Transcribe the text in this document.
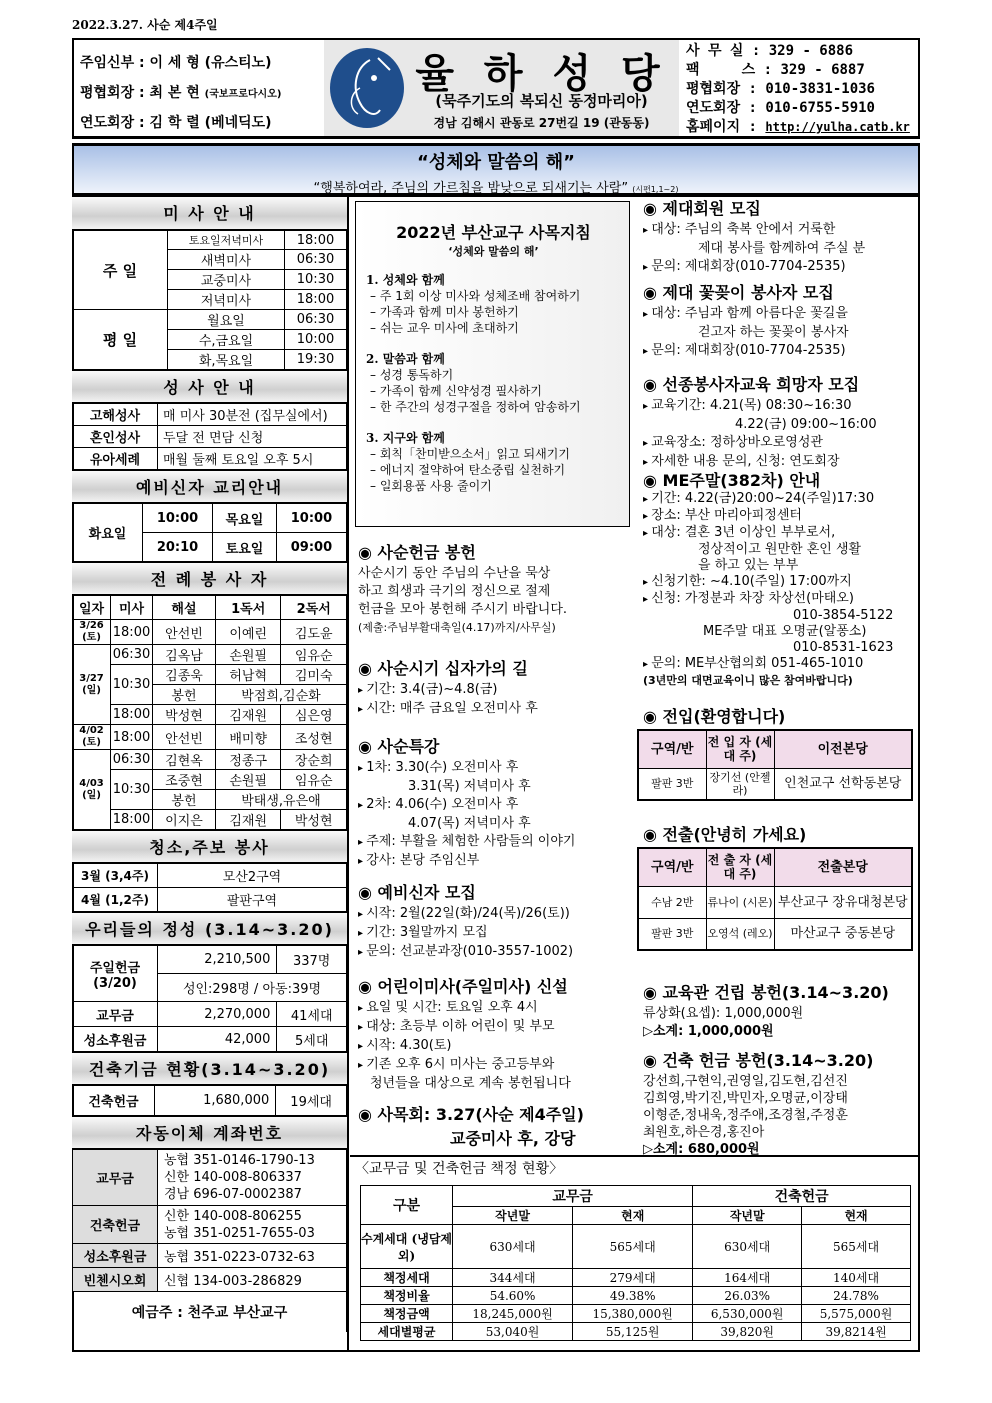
2022.3.27. 사순 제4주일
주임신부 : 이 세 형 (유스티노)
평협회장 : 최 본 현 (국보프로다시오)
연도회장 : 김 학 렬 (베네딕도)
율 하 성 당
(묵주기도의 복되신 동정마리아)
경남 김해시 관동로 27번길 19 (관동동)
사 무 실 : 329 - 6886
팩     스 : 329 - 6887
평협회장 : 010-3831-1036
연도회장 : 010-6755-5910
홈페이지 : http://yulha.catb.kr
“성체와 말씀의 해”
“행복하여라, 주님의 가르침을 밤낮으로 되새기는 사람” (시편1,1~2)
미 사 안 내
주 일	토요일저녁미사	18:00
	새벽미사	06:30
	교중미사	10:30
	저녁미사	18:00
평 일	월요일	06:30
	수,금요일	10:00
	화,목요일	19:30
성 사 안 내
고해성사	매 미사 30분전 (집무실에서)
혼인성사	두달 전 면담 신청
유아세례	매월 둘째 토요일 오후 5시
예비신자 교리안내
화요일	10:00	목요일	10:00
	20:10	토요일	09:00
전 례 봉 사 자
일자	미사	해설	1독서	2독서
3/26 (토)	18:00	안선빈	이예린	김도윤
3/27 (일)	06:30	김옥남	손원필	임유순
	10:30	김종욱	허남혁	김미숙
		봉헌	박점희,김순화	
	18:00	박성현	김재원	심은영
4/02 (토)	18:00	안선빈	배미향	조성현
4/03 (일)	06:30	김현옥	정종구	장순희
	10:30	조중현	손원필	임유순
		봉헌	박태생,유은애	
	18:00	이지은	김재원	박성현
청소,주보 봉사
3월 (3,4주)	모산2구역
4월 (1,2주)	팔판구역
우리들의 정성 (3.14~3.20)
주일헌금
(3/20)	2,210,500	337명
	성인:298명 / 아동:39명	
교무금	2,270,000	41세대
성소후원금	42,000	5세대
건축기금 현황(3.14~3.20)
건축헌금	1,680,000	19세대
자동이체 계좌번호
교무금	농협 351-0146-1790-13
신한 140-008-806337
경남 696-07-0002387

건축헌금	신한 140-008-806255
농협 351-0251-7655-03

성소후원금	농협 351-0223-0732-63
빈첸시오회	신협 134-003-286829
예금주 : 천주교 부산교구	
2022년 부산교구 사목지침
‘성체와 말씀의 해’
1. 성체와 함께
– 주 1회 이상 미사와 성체조배 참여하기
– 가족과 함께 미사 봉헌하기
– 쉬는 교우 미사에 초대하기
2. 말씀과 함께
– 성경 통독하기
– 가족이 함께 신약성경 필사하기
– 한 주간의 성경구절을 정하여 암송하기
3. 지구와 함께
– 회칙「찬미받으소서」읽고 되새기기
– 에너지 절약하여 탄소중립 실천하기
– 일회용품 사용 줄이기
◉ 사순헌금 봉헌
사순시기 동안 주님의 수난을 묵상
하고 희생과 극기의 정신으로 절제
헌금을 모아 봉헌해 주시기 바랍니다.
(제출:주님부활대축일(4.17)까지/사무실)
◉ 사순시기 십자가의 길
▸ 기간: 3.4(금)~4.8(금)
▸ 시간: 매주 금요일 오전미사 후
◉ 사순특강
▸ 1차: 3.30(수) 오전미사 후
3.31(목) 저녁미사 후
▸ 2차: 4.06(수) 오전미사 후
4.07(목) 저녁미사 후
▸ 주제: 부활을 체험한 사람들의 이야기
▸ 강사: 본당 주임신부
◉ 예비신자 모집
▸ 시작: 2월(22일(화)/24(목)/26(토))
▸ 기간: 3월말까지 모집
▸ 문의: 선교분과장(010-3557-1002)
◉ 어린이미사(주일미사) 신설
▸ 요일 및 시간: 토요일 오후 4시
▸ 대상: 초등부 이하 어린이 및 부모
▸ 시작: 4.30(토)
▸ 기존 오후 6시 미사는 중고등부와
청년들을 대상으로 계속 봉헌됩니다
◉ 사목회: 3.27(사순 제4주일)
교중미사 후, 강당
◉ 제대회원 모집
▸ 대상: 주님의 축복 안에서 거룩한
제대 봉사를 함께하여 주실 분
▸ 문의: 제대회장(010-7704-2535)
◉ 제대 꽃꽂이 봉사자 모집
▸ 대상: 주님과 함께 아름다운 꽃길을
걷고자 하는 꽃꽂이 봉사자
▸ 문의: 제대회장(010-7704-2535)
◉ 선종봉사자교육 희망자 모집
▸ 교육기간: 4.21(목) 08:30~16:30
4.22(금) 09:00~16:00
▸ 교육장소: 정하상바오로영성관
▸ 자세한 내용 문의, 신청: 연도회장
◉ ME주말(382차) 안내
▸ 기간: 4.22(금)20:00~24(주일)17:30
▸ 장소: 부산 마리아피정센터
▸ 대상: 결혼 3년 이상인 부부로서,
정상적이고 원만한 혼인 생활
을 하고 있는 부부
▸ 신청기한: ~4.10(주일) 17:00까지
▸ 신청: 가정분과 차장 차상선(마태오)
010-3854-5122
ME주말 대표 오명균(알퐁소)
010-8531-1623
▸ 문의: ME부산협의회 051-465-1010
(3년만의 대면교육이니 많은 참여바랍니다)
◉ 전입(환영합니다)
구역/반	전 입 자 (세 대 주)	이전본당
팔판 3반	장기선 (안젤라)	인천교구 선학동본당
◉ 전출(안녕히 가세요)
구역/반	전 출 자 (세 대 주)	전출본당
수남 2반	류나이 (시몬)	부산교구 장유대청본당
팔판 3반	오영석 (레오)	마산교구 중동본당
◉ 교육관 건립 봉헌(3.14~3.20)
류상화(요셉): 1,000,000원
▷소계: 1,000,000원
◉ 건축 헌금 봉헌(3.14~3.20)
강선희,구현익,권영일,김도현,김선진
김희영,박기진,박민자,오명균,이장태
이형준,정내욱,정주애,조경철,주정훈
최원호,하은경,홍진아
▷소계: 680,000원
〈교무금 및 건축헌금 책정 현황〉
구분	교무금		건축헌금	
	작년말	현재	작년말	현재
수계세대 (냉담제외)	630세대	565세대	630세대	565세대
책정세대	344세대	279세대	164세대	140세대
책정비율	54.60%	49.38%	26.03%	24.78%
책정금액	18,245,000원	15,380,000원	6,530,000원	5,575,000원
세대별평균	53,040원	55,125원	39,820원	39,8214원
